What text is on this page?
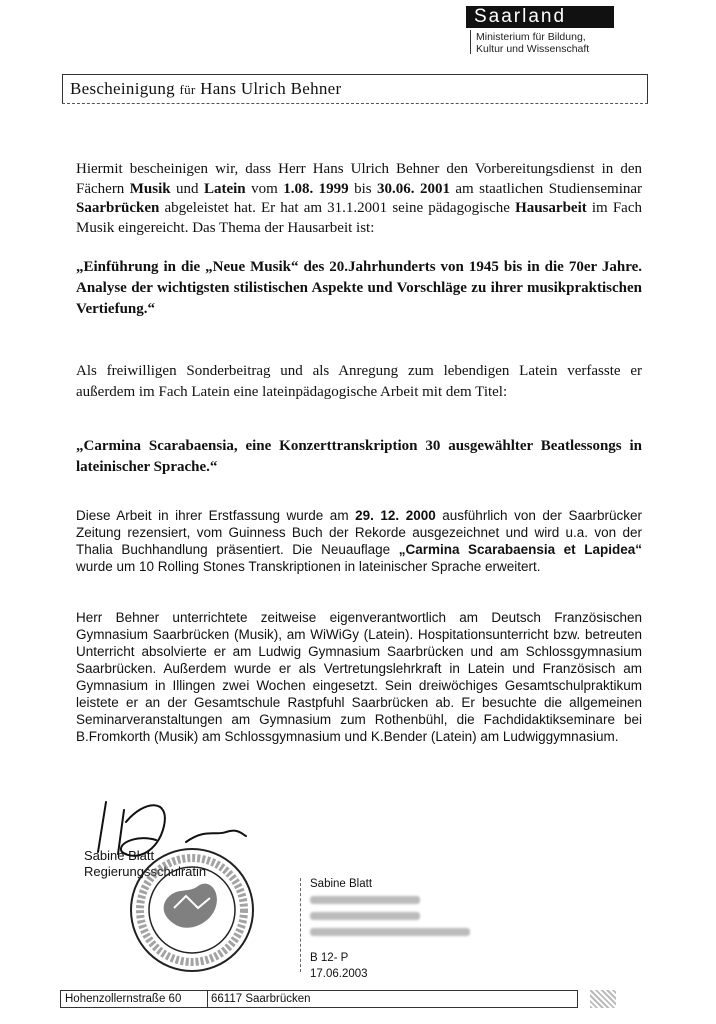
Saarland
Ministerium für Bildung,
Kultur und Wissenschaft
Bescheinigung für Hans Ulrich Behner
Hiermit bescheinigen wir, dass Herr Hans Ulrich Behner den Vorbereitungsdienst in den Fächern Musik und Latein vom 1.08. 1999 bis 30.06. 2001 am staatlichen Studienseminar Saarbrücken abgeleistet hat. Er hat am 31.1.2001 seine pädagogische Hausarbeit im Fach Musik eingereicht. Das Thema der Hausarbeit ist:
„Einführung in die „Neue Musik“ des 20.Jahrhunderts von 1945 bis in die 70er Jahre. Analyse der wichtigsten stilistischen Aspekte und Vorschläge zu ihrer musikpraktischen Vertiefung.“
Als freiwilligen Sonderbeitrag und als Anregung zum lebendigen Latein verfasste er außerdem im Fach Latein eine lateinpädagogische Arbeit mit dem Titel:
„Carmina Scarabaensia, eine Konzerttranskription 30 ausgewählter Beatlessongs in lateinischer Sprache.“
Diese Arbeit in ihrer Erstfassung wurde am 29. 12. 2000 ausführlich von der Saarbrücker Zeitung rezensiert, vom Guinness Buch der Rekorde ausgezeichnet und wird u.a. von der Thalia Buchhandlung präsentiert. Die Neuauflage „Carmina Scarabaensia et Lapidea“ wurde um 10 Rolling Stones Transkriptionen in lateinischer Sprache erweitert.
Herr Behner unterrichtete zeitweise eigenverantwortlich am Deutsch Französischen Gymnasium Saarbrücken (Musik), am WiWiGy (Latein). Hospitationsunterricht bzw. betreuten Unterricht absolvierte er am Ludwig Gymnasium Saarbrücken und am Schlossgymnasium Saarbrücken. Außerdem wurde er als Vertretungslehrkraft in Latein und Französisch am Gymnasium in Illingen zwei Wochen eingesetzt. Sein dreiwöchiges Gesamtschulpraktikum leistete er an der Gesamtschule Rastpfuhl Saarbrücken ab. Er besuchte die allgemeinen Seminarveranstaltungen am Gymnasium zum Rothenbühl, die Fachdidaktikseminare bei B.Fromkorth (Musik) am Schlossgymnasium und K.Bender (Latein) am Ludwiggymnasium.
Sabine Blatt
Regierungsschulrätin
Sabine Blatt
B 12- P
17.06.2003
Hohenzollernstraße 60	66117 Saarbrücken
